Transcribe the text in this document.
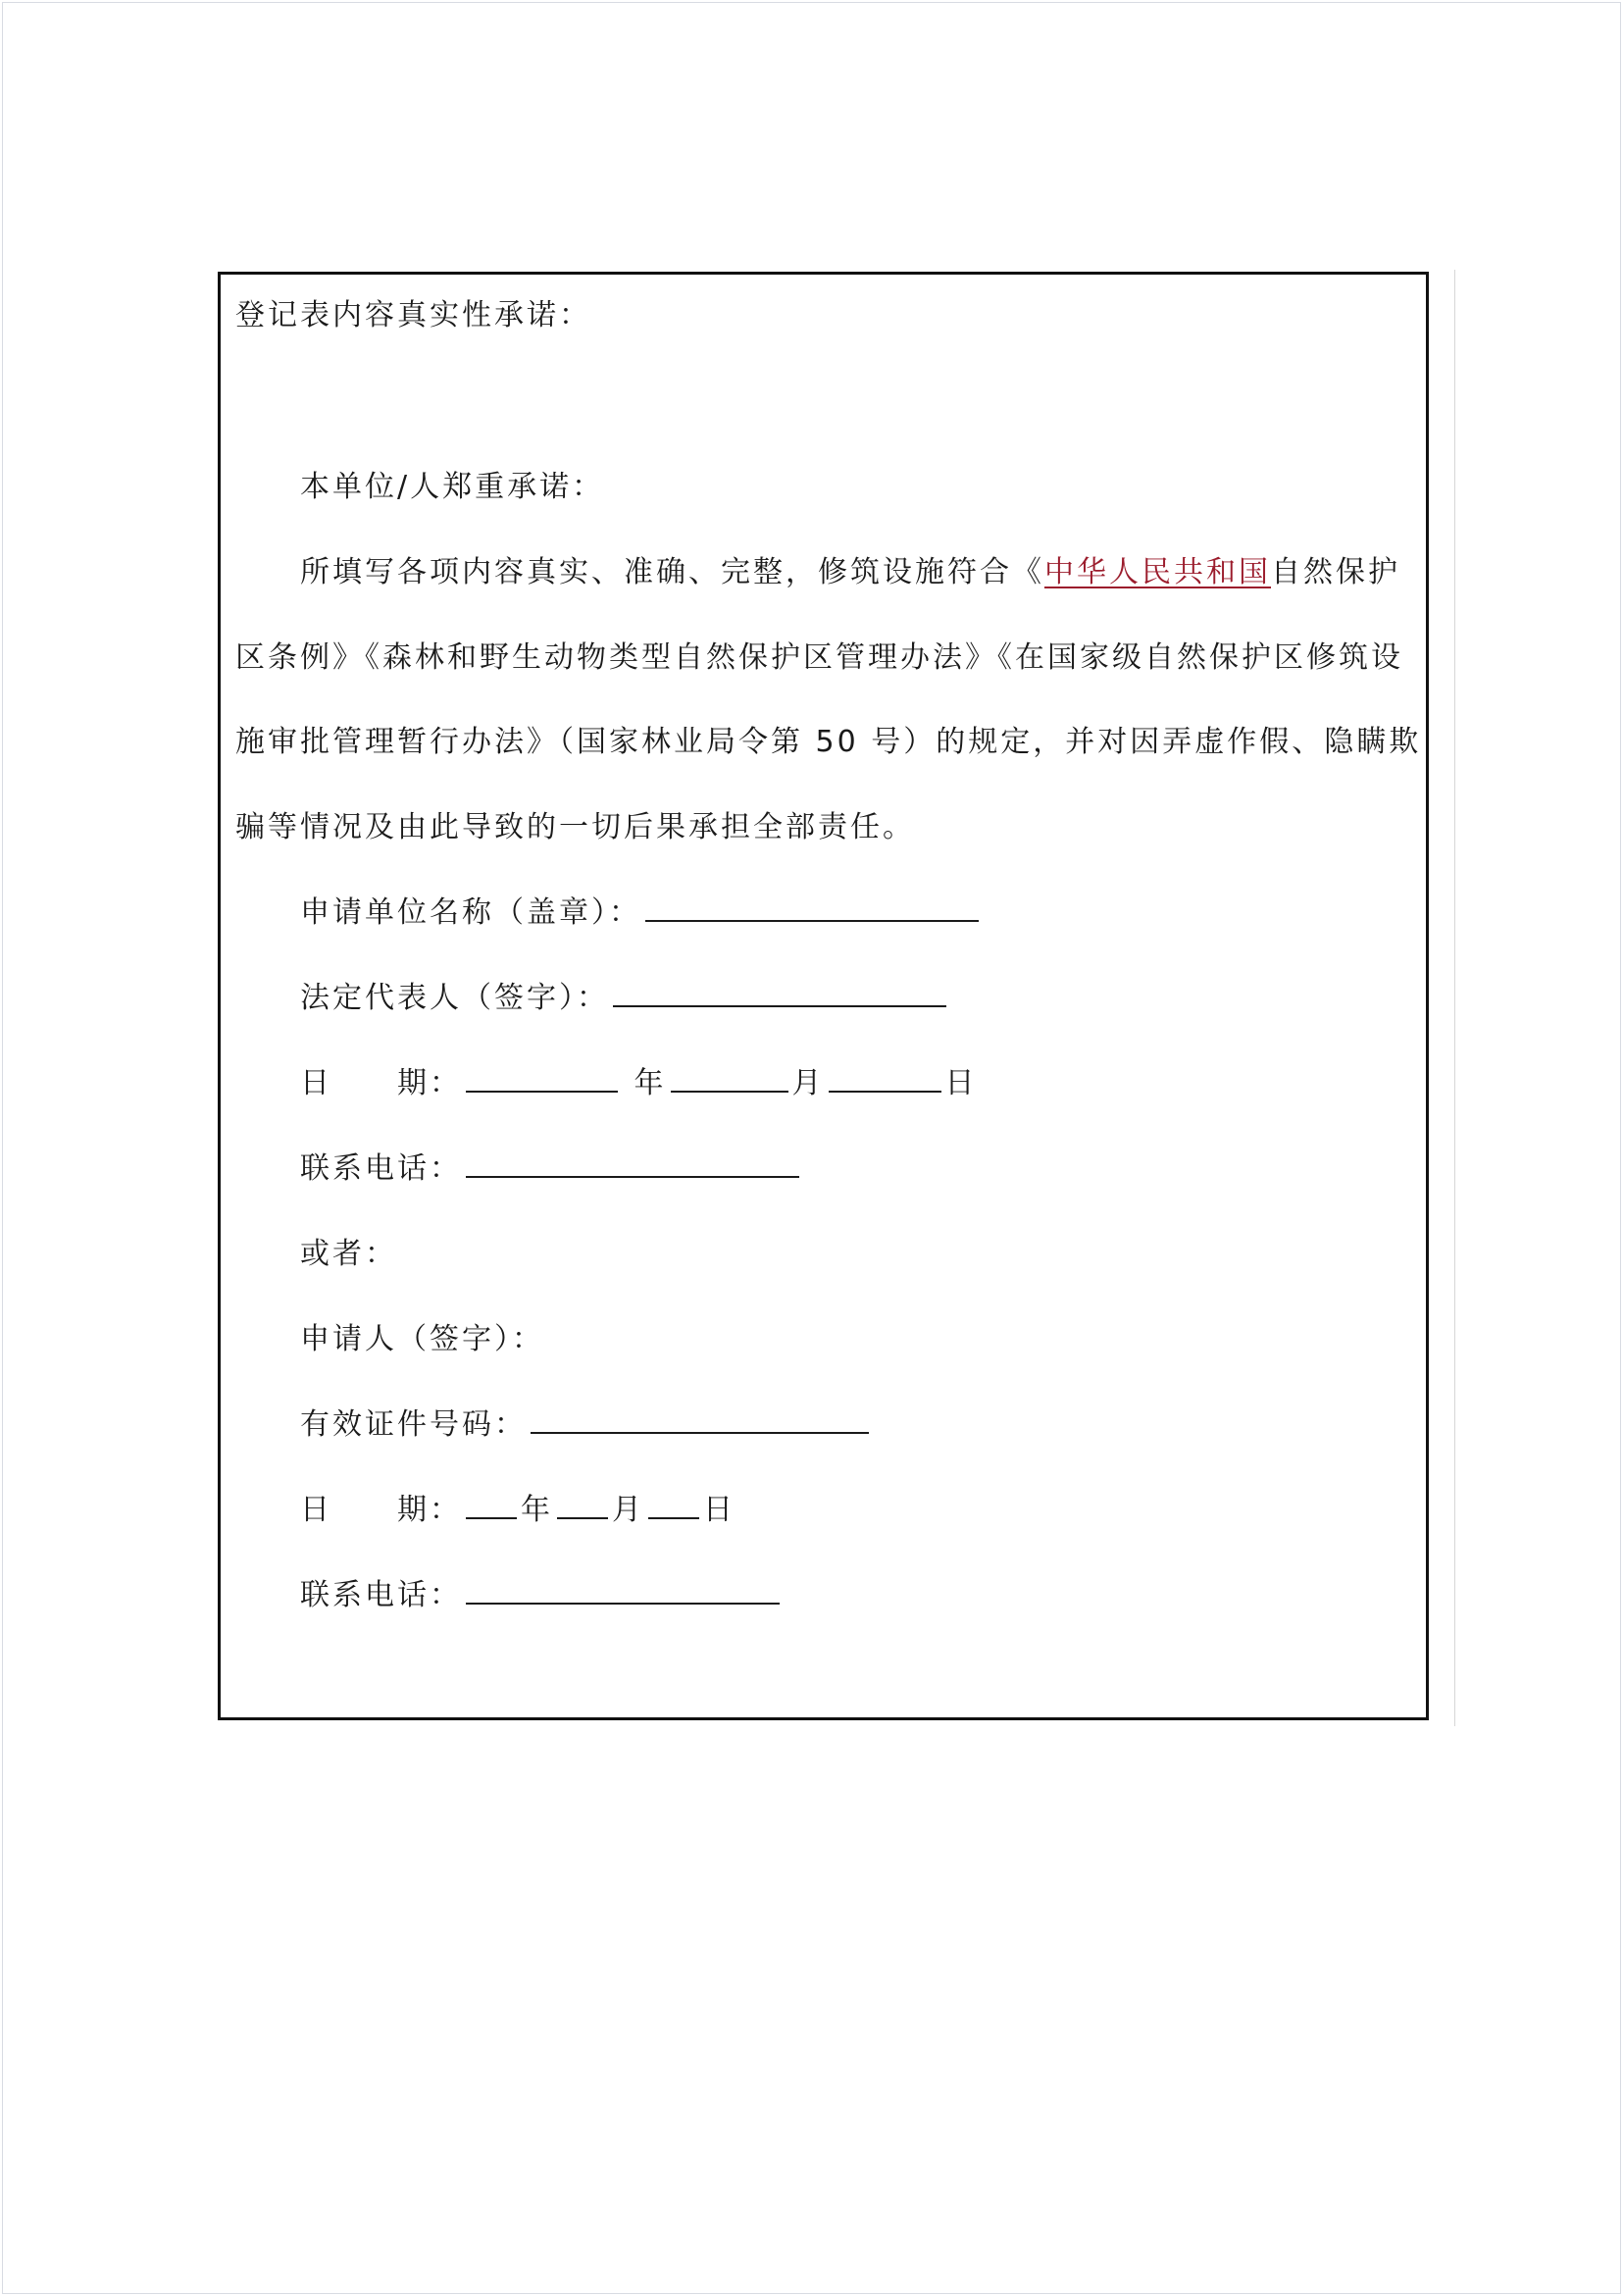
登记表内容真实性承诺：
本单位/人郑重承诺：
所填写各项内容真实、准确、完整，修筑设施符合《中华人民共和国自然保护
区条例》《森林和野生动物类型自然保护区管理办法》《在国家级自然保护区修筑设
施审批管理暂行办法》（国家林业局令第 50 号）的规定，并对因弄虚作假、隐瞒欺
骗等情况及由此导致的一切后果承担全部责任。
申请单位名称（盖章）：
法定代表人（签字）：
日　　期：	年	月	日
联系电话：
或者：
申请人（签字）：
有效证件号码：
日　　期： 年 月 日
联系电话：
